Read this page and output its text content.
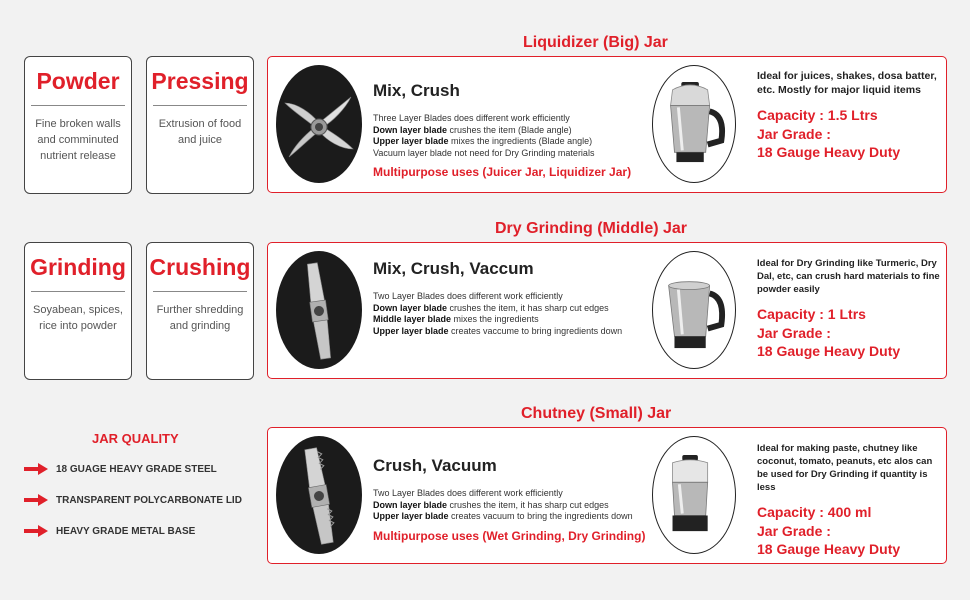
Liquidizer (Big) Jar
Dry Grinding (Middle) Jar
Chutney (Small) Jar
Powder
Fine broken walls and comminuted nutrient release
Pressing
Extrusion of food and juice
Grinding
Soyabean, spices, rice into powder
Crushing
Further shredding and grinding
Mix, Crush
Three Layer Blades does different work efficiently
Down layer blade crushes the item (Blade angle)
Upper layer blade mixes the ingredients (Blade angle)
Vacuum layer blade not need for Dry Grinding materials
Multipurpose uses (Juicer Jar, Liquidizer Jar)
Ideal for juices, shakes, dosa batter, etc. Mostly for major liquid items
Capacity : 1.5 Ltrs
Jar Grade :
18 Gauge Heavy Duty
Mix, Crush, Vaccum
Two Layer Blades does different work efficiently
Down layer blade crushes the item, it has sharp cut edges
Middle layer blade mixes the ingredients
Upper layer blade creates vaccume to bring ingredients down
Ideal for Dry Grinding like Turmeric, Dry Dal, etc, can crush hard materials to fine powder easily
Capacity : 1 Ltrs
Jar Grade :
18 Gauge Heavy Duty
Crush, Vacuum
Two Layer Blades does different work efficiently
Down layer blade crushes the item, it has sharp cut edges
Upper layer blade creates vacuum to bring the ingredients down
Multipurpose uses (Wet Grinding, Dry Grinding)
Ideal for making paste, chutney like coconut, tomato, peanuts, etc alos can be used for Dry Grinding if quantity is less
Capacity : 400 ml
Jar Grade :
18 Gauge Heavy Duty
JAR QUALITY
18 GUAGE HEAVY GRADE STEEL
TRANSPARENT POLYCARBONATE LID
HEAVY GRADE METAL BASE
